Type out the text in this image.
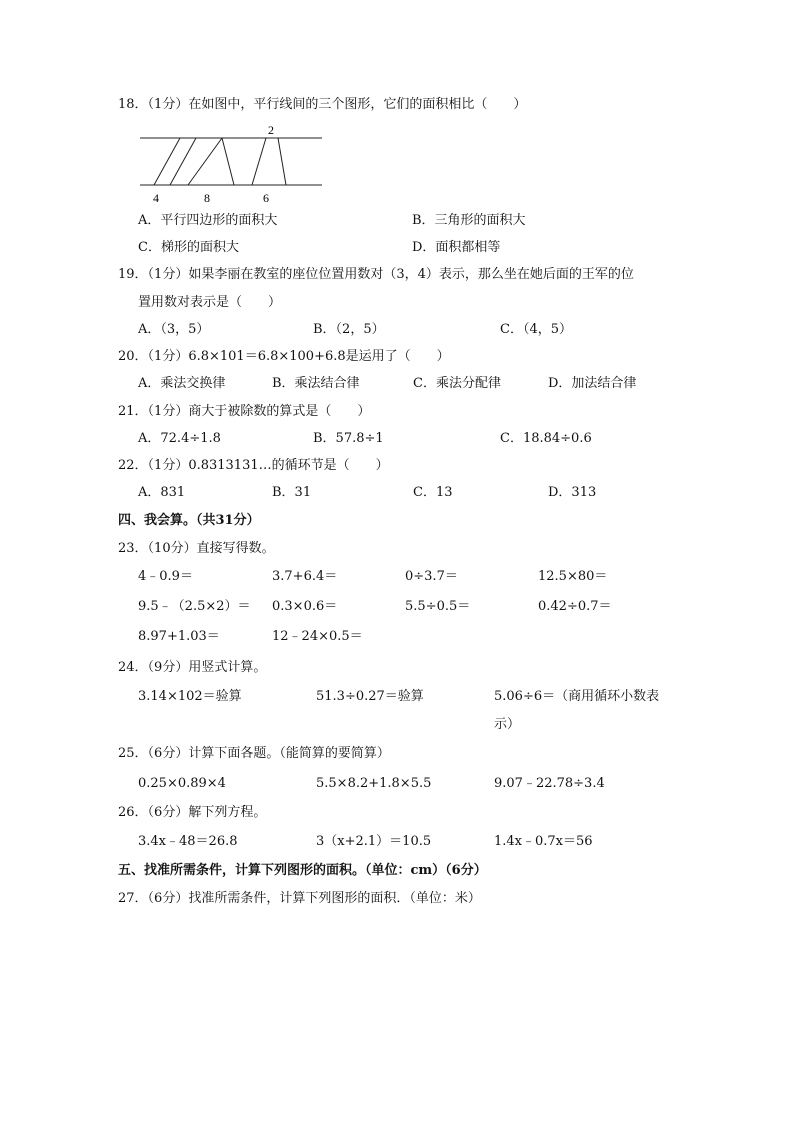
18．（1分）在如图中，平行线间的三个图形，它们的面积相比（　　）
2
4	8	6
A．平行四边形的面积大	B．三角形的面积大
C．梯形的面积大	D．面积都相等
19．（1分）如果李丽在教室的座位位置用数对（3，4）表示，那么坐在她后面的王军的位
置用数对表示是（　　）
A．（3，5）	B．（2，5）	C．（4，5）
20．（1分）6.8×101＝6.8×100+6.8是运用了（　　）
A．乘法交换律	B．乘法结合律	C．乘法分配律	D．加法结合律
21．（1分）商大于被除数的算式是（　　）
A．72.4÷1.8	B．57.8÷1	C．18.84÷0.6
22．（1分）0.8313131…的循环节是（　　）
A．831	B．31	C．13	D．313
四、我会算。（共31分）
23．（10分）直接写得数。
4﹣0.9＝	3.7+6.4＝	0÷3.7＝	12.5×80＝
9.5﹣（2.5×2）＝ 0.3×0.6＝	5.5÷0.5＝	0.42÷0.7＝
8.97+1.03＝	12﹣24×0.5＝
24．（9分）用竖式计算。
3.14×102＝验算	51.3÷0.27＝验算	5.06÷6＝（商用循环小数表
示）
25．（6分）计算下面各题。（能简算的要简算）
0.25×0.89×4	5.5×8.2+1.8×5.5	9.07﹣22.78÷3.4
26．（6分）解下列方程。
3.4x﹣48＝26.8	3（x+2.1）＝10.5	1.4x﹣0.7x＝56
五、找准所需条件，计算下列图形的面积。（单位：cm）（6分）
27．（6分）找准所需条件，计算下列图形的面积．（单位：米）
